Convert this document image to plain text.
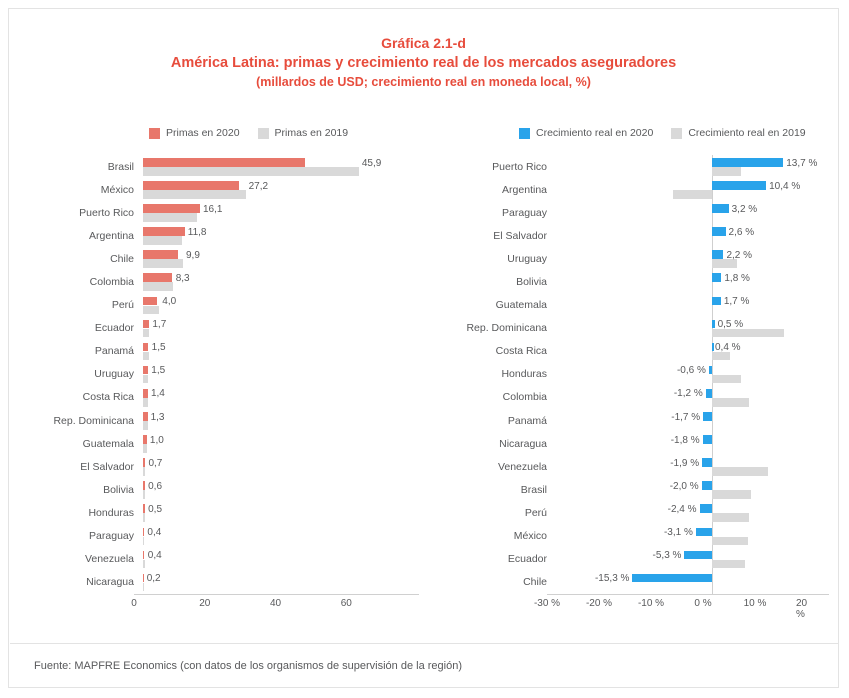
Gráfica 2.1-d
América Latina: primas y crecimiento real de los mercados aseguradores
(millardos de USD; crecimiento real en moneda local, %)
Primas en 2020	Primas en 2019	Crecimiento real en 2020	Crecimiento real en 2019
Brasil	45,9
México	27,2
Puerto Rico	16,1
Argentina	11,8
Chile	9,9
Colombia	8,3
Perú	4,0
Ecuador	1,7
Panamá	1,5
Uruguay	1,5
Costa Rica	1,4
Rep. Dominicana	1,3
Guatemala	1,0
El Salvador	0,7
Bolivia	0,6
Honduras	0,5
Paraguay	0,4
Venezuela	0,4
Nicaragua	0,2
0	20	40	60
Puerto Rico	13,7 %
Argentina	10,4 %
Paraguay	3,2 %
El Salvador	2,6 %
Uruguay	2,2 %
Bolivia	1,8 %
Guatemala	1,7 %
Rep. Dominicana	0,5 %
Costa Rica	0,4 %
Honduras	-0,6 %
Colombia	-1,2 %
Panamá	-1,7 %
Nicaragua	-1,8 %
Venezuela	-1,9 %
Brasil	-2,0 %
Perú	-2,4 %
México	-3,1 %
Ecuador	-5,3 %
Chile	-15,3 %
-30 %	-20 %	-10 %	0 %	10 %	20 %
Fuente: MAPFRE Economics (con datos de los organismos de supervisión de la región)
